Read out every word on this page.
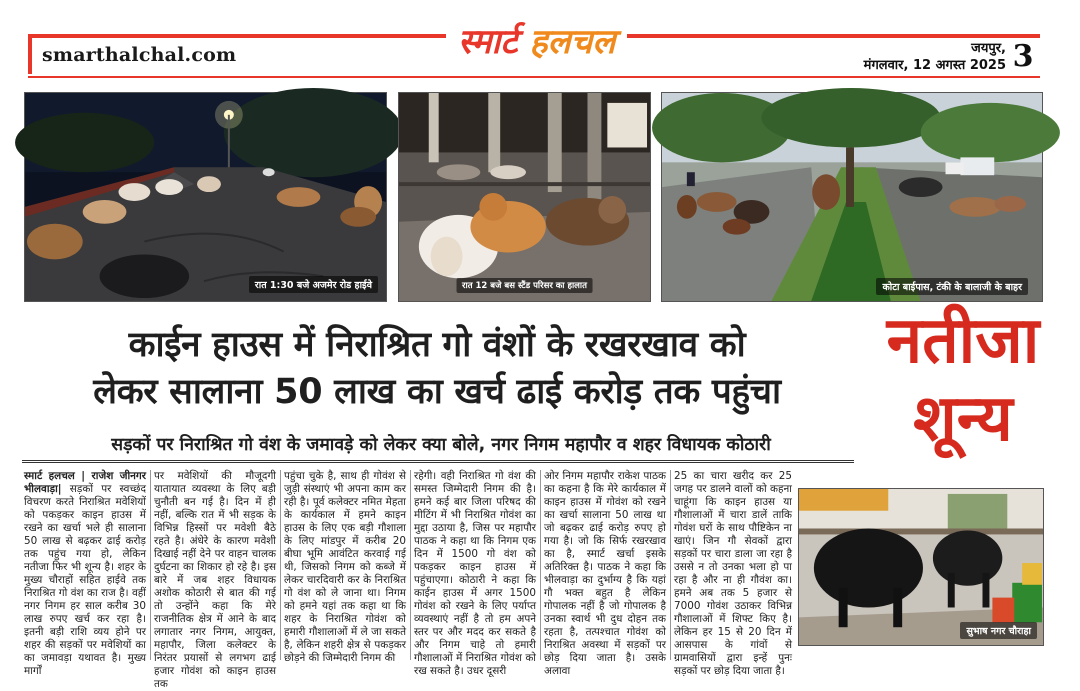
smarthalchal.com	स्मार्ट हलचल	जयपुर,
मंगलवार, 12 अगस्त 2025 3
रात 1:30 बजे अजमेर रोड हाईवे	रात 12 बजे बस स्टैंड परिसर का हालात	कोटा बाईपास, टंकी के बालाजी के बाहर
काईन हाउस में निराश्रित गो वंशों के रखरखाव को
लेकर सालाना 50 लाख का खर्च ढाई करोड़ तक पहुंचा
नतीजा
शून्य
सड़कों पर निराश्रित गो वंश के जमावड़े को लेकर क्या बोले, नगर निगम महापौर व शहर विधायक कोठारी
स्मार्ट हलचल | राजेश जीनगर भीलवाड़ा| सड़कों पर स्वच्छंद विचरण करते निराश्रित मवेशियों को पकड़कर काइन हाउस में रखने का खर्चा भले ही सालाना 50 लाख से बढ़कर ढाई करोड़ तक पहुंच गया हो, लेकिन नतीजा फिर भी शून्य है। शहर के मुख्य चौराहों सहित हाईवे तक निराश्रित गो वंश का राज है। वहीं नगर निगम हर साल करीब 30 लाख रुपए खर्च कर रहा है। इतनी बड़ी राशि व्यय होने पर शहर की सड़कों पर मवेशियों का का जमावड़ा यथावत है। मुख्य मार्गों
पर मवेशियों की मौजूदगी यातायात व्यवस्था के लिए बड़ी चुनौती बन गई है। दिन में ही नहीं, बल्कि रात में भी सड़क के विभिन्न हिस्सों पर मवेशी बैठे रहते है। अंधेरे के कारण मवेशी दिखाई नहीं देने पर वाहन चालक दुर्घटना का शिकार हो रहे है। इस बारे में जब शहर विधायक अशोक कोठारी से बात की गई तो उन्होंने कहा कि मेरे राजनीतिक क्षेत्र में आने के बाद लगातार नगर निगम, आयुक्त, महापौर, जिला कलेक्टर के निरंतर प्रयासों से लगभग ढाई हजार गोवंश को काइन हाउस तक
पहुंचा चुके है, साथ ही गोवंश से जुड़ी संस्थाएं भी अपना काम कर रही है। पूर्व कलेक्टर नमित मेहता के कार्यकाल में हमने काइन हाउस के लिए एक बड़ी गौशाला के लिए मांडपुर में करीब 20 बीघा भूमि आवंटित करवाई गई थी, जिसको निगम को कब्जे में लेकर चारदिवारी कर के निराश्रित गो वंश को ले जाना था। निगम को हमने यहां तक कहा था कि शहर के निराश्रित गोवंश को हमारी गौशालाओं में ले जा सकते है, लेकिन शहरी क्षेत्र से पकड़कर छोड़ने की जिम्मेदारी निगम की
रहेगी। वही निराश्रित गो वंश की समस्त जिम्मेदारी निगम की है। हमने कई बार जिला परिषद की मीटिंग में भी निराश्रित गोवंश का मुद्दा उठाया है, जिस पर महापौर पाठक ने कहा था कि निगम एक दिन में 1500 गो वंश को पकड़कर काइन हाउस में पहुंचाएगा। कोठारी ने कहा कि काईन हाउस में अगर 1500 गोवंश को रखने के लिए पर्याप्त व्यवस्थाएं नहीं है तो हम अपने स्तर पर और मदद कर सकते है और निगम चाहे तो हमारी गौशालाओं में निराश्रित गोवंश को रख सकते है। उधर दूसरी
ओर निगम महापौर राकेश पाठक का कहना है कि मेरे कार्यकाल में काइन हाउस में गोवंश को रखने का खर्चा सालाना 50 लाख था जो बढ़कर ढाई करोड़ रुपए हो गया है। जो कि सिर्फ रखरखाव का है, स्मार्ट खर्चा इसके अतिरिक्त है। पाठक ने कहा कि भीलवाड़ा का दुर्भाग्य है कि यहां गौ भक्त बहुत है लेकिन गोपालक नहीं है जो गोपालक है उनका स्वार्थ भी दुध दोहन तक रहता है, तत्पश्चात गोवंश को निराश्रित अवस्था में सड़कों पर छोड़ दिया जाता है। उसके अलावा
25 का चारा खरीद कर 25 जगह पर डालने वालों को कहना चाहूंगा कि काइन हाउस या गौशालाओं में चारा डालें ताकि गोवंश घरों के साथ पौष्टिकेन ना खाएं। जिन गौ सेवकों द्वारा सड़कों पर चारा डाला जा रहा है उससे न तो उनका भला हो पा रहा है और ना ही गौवंश का। हमने अब तक 5 हजार से 7000 गोवंश उठाकर विभिन्न गौशालाओं में शिफ्ट किए है। लेकिन हर 15 से 20 दिन में आसपास के गांवों से ग्रामवासियों द्वारा इन्हें पुनः सड़कों पर छोड़ दिया जाता है।
सुभाष नगर चौराहा
